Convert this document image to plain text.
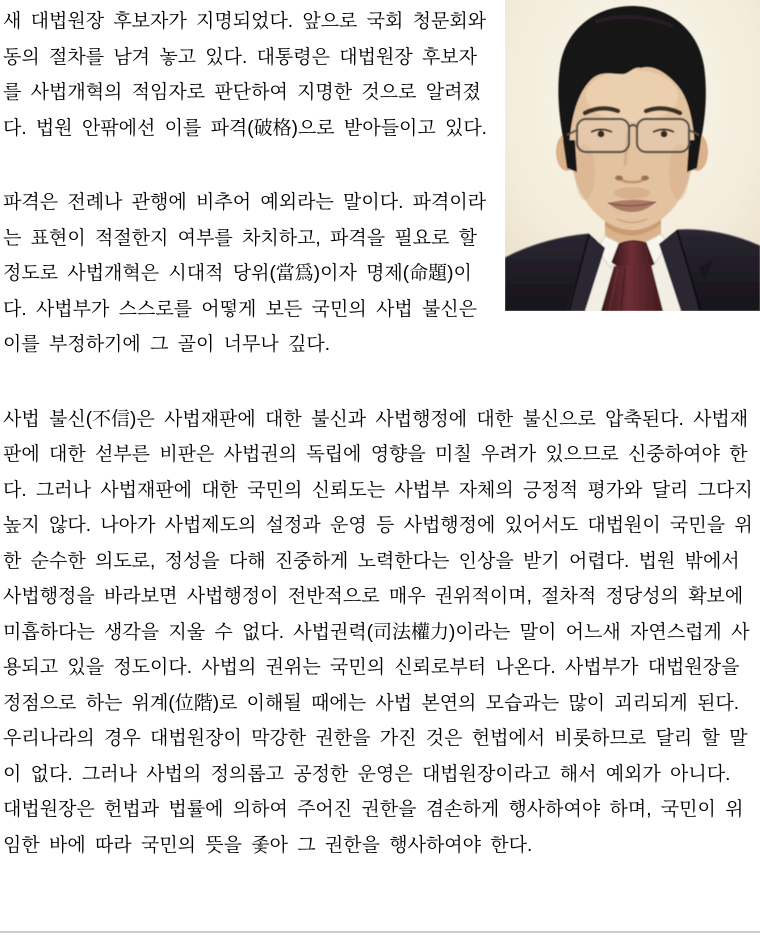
새 대법원장 후보자가 지명되었다. 앞으로 국회 청문회와 동의 절차를 남겨 놓고 있다. 대통령은 대법원장 후보자를 사법개혁의 적임자로 판단하여 지명한 것으로 알려졌다. 법원 안팎에선 이를 파격(破格)으로 받아들이고 있다.

파격은 전례나 관행에 비추어 예외라는 말이다. 파격이라는 표현이 적절한지 여부를 차치하고, 파격을 필요로 할 정도로 사법개혁은 시대적 당위(當爲)이자 명제(命題)이다. 사법부가 스스로를 어떻게 보든 국민의 사법 불신은 이를 부정하기에 그 골이 너무나 깊다.

사법 불신(不信)은 사법재판에 대한 불신과 사법행정에 대한 불신으로 압축된다. 사법재판에 대한 섣부른 비판은 사법권의 독립에 영향을 미칠 우려가 있으므로 신중하여야 한다. 그러나 사법재판에 대한 국민의 신뢰도는 사법부 자체의 긍정적 평가와 달리 그다지 높지 않다. 나아가 사법제도의 설정과 운영 등 사법행정에 있어서도 대법원이 국민을 위한 순수한 의도로, 정성을 다해 진중하게 노력한다는 인상을 받기 어렵다. 법원 밖에서 사법행정을 바라보면 사법행정이 전반적으로 매우 권위적이며, 절차적 정당성의 확보에 미흡하다는 생각을 지울 수 없다. 사법권력(司法權力)이라는 말이 어느새 자연스럽게 사용되고 있을 정도이다. 사법의 권위는 국민의 신뢰로부터 나온다. 사법부가 대법원장을 정점으로 하는 위계(位階)로 이해될 때에는 사법 본연의 모습과는 많이 괴리되게 된다. 우리나라의 경우 대법원장이 막강한 권한을 가진 것은 헌법에서 비롯하므로 달리 할 말이 없다. 그러나 사법의 정의롭고 공정한 운영은 대법원장이라고 해서 예외가 아니다. 대법원장은 헌법과 법률에 의하여 주어진 권한을 겸손하게 행사하여야 하며, 국민이 위임한 바에 따라 국민의 뜻을 좇아 그 권한을 행사하여야 한다.
